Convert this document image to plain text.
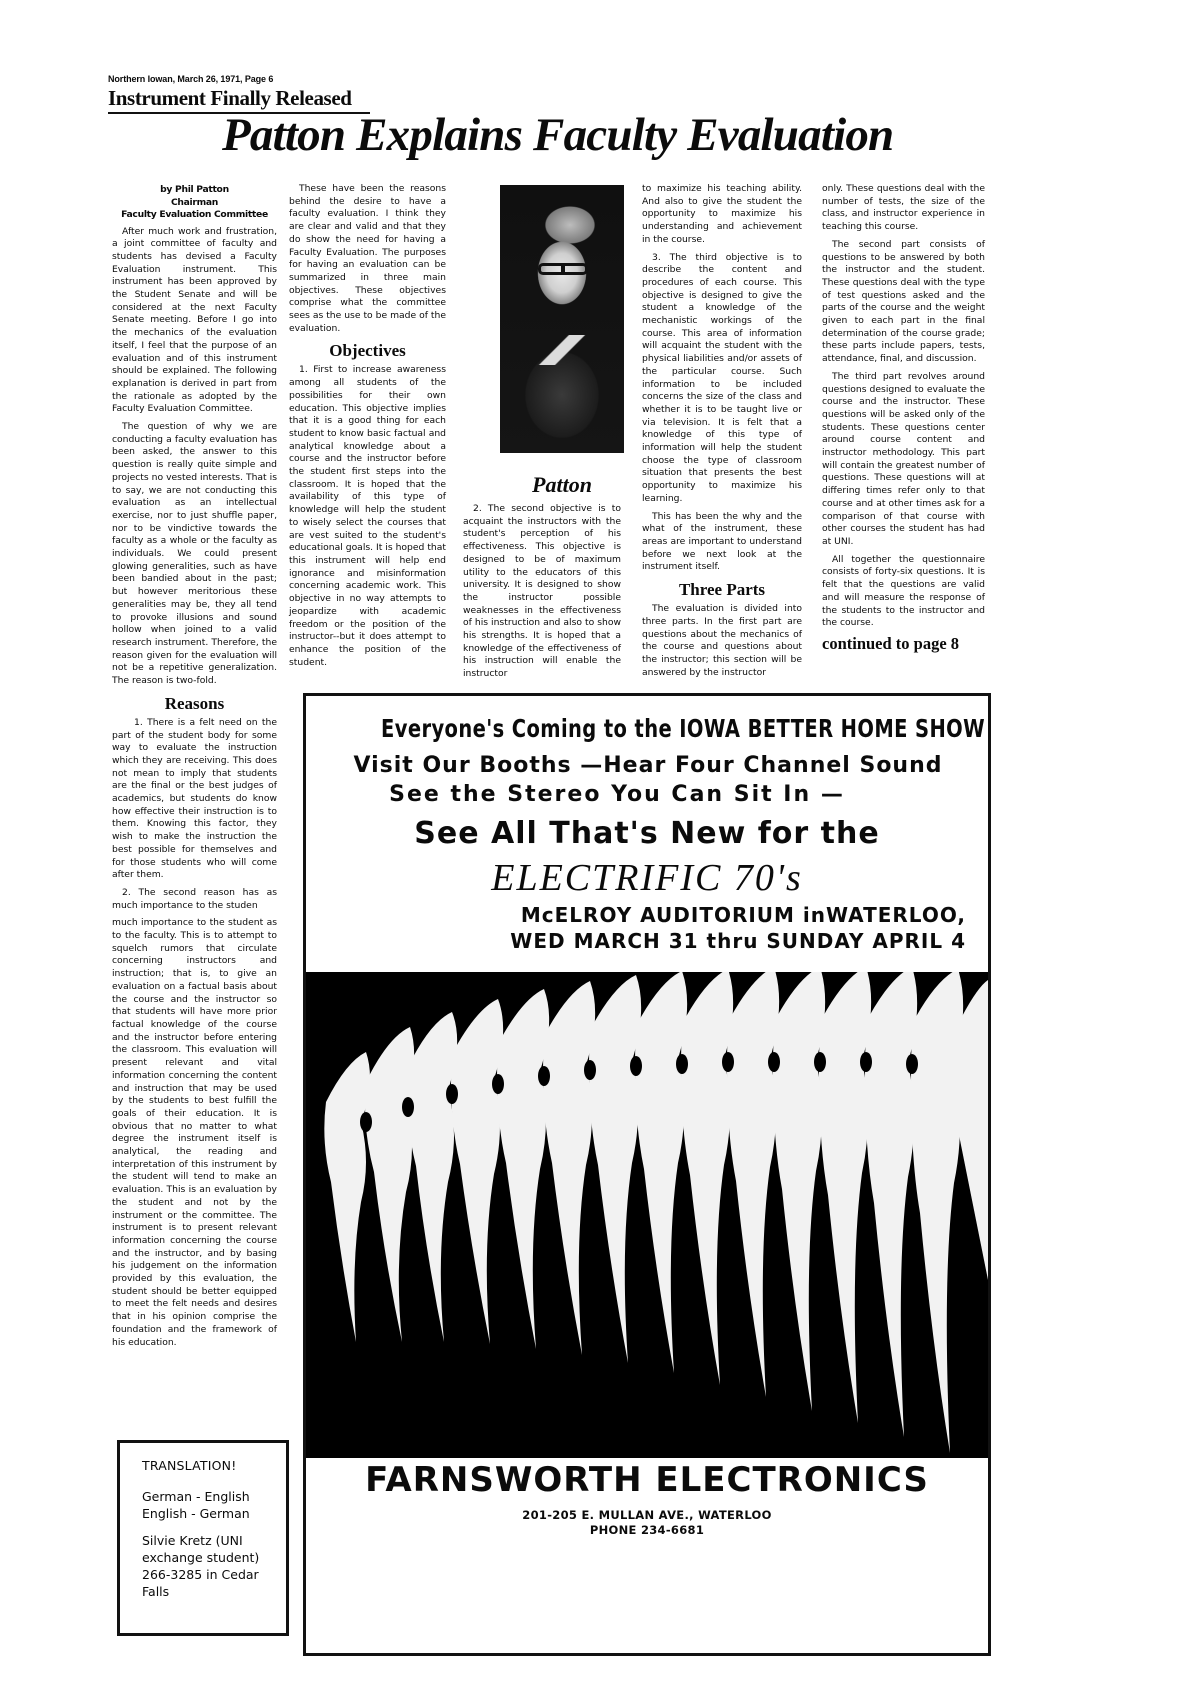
Northern Iowan, March 26, 1971, Page 6
Instrument Finally Released
Patton Explains Faculty Evaluation
by Phil Patton
Chairman
Faculty Evaluation Committee

After much work and frustration, a joint committee of faculty and students has devised a Faculty Evaluation instrument. This instrument has been approved by the Student Senate and will be considered at the next Faculty Senate meeting. Before I go into the mechanics of the evaluation itself, I feel that the purpose of an evaluation and of this instrument should be explained. The following explanation is derived in part from the rationale as adopted by the Faculty Evaluation Committee.

The question of why we are conducting a faculty evaluation has been asked, the answer to this question is really quite simple and projects no vested interests. That is to say, we are not conducting this evaluation as an intellectual exercise, nor to just shuffle paper, nor to be vindictive towards the faculty as a whole or the faculty as individuals. We could present glowing generalities, such as have been bandied about in the past; but however meritorious these generalities may be, they all tend to provoke illusions and sound hollow when joined to a valid research instrument. Therefore, the reason given for the evaluation will not be a repetitive generalization. The reason is two-fold.

Reasons

1. There is a felt need on the part of the student body for some way to evaluate the instruction which they are receiving. This does not mean to imply that students are the final or the best judges of academics, but students do know how effective their instruction is to them. Knowing this factor, they wish to make the instruction the best possible for themselves and for those students who will come after them.

2. The second reason has as much importance to the studen

much importance to the student as to the faculty. This is to attempt to squelch rumors that circulate concerning instructors and instruction; that is, to give an evaluation on a factual basis about the course and the instructor so that students will have more prior factual knowledge of the course and the instructor before entering the classroom. This evaluation will present relevant and vital information concerning the content and instruction that may be used by the students to best fulfill the goals of their education. It is obvious that no matter to what degree the instrument itself is analytical, the reading and interpretation of this instrument by the student will tend to make an evaluation. This is an evaluation by the student and not by the instrument or the committee. The instrument is to present relevant information concerning the course and the instructor, and by basing his judgement on the information provided by this evaluation, the student should be better equipped to meet the felt needs and desires that in his opinion comprise the foundation and the framework of his education.

These have been the reasons behind the desire to have a faculty evaluation. I think they are clear and valid and that they do show the need for having a Faculty Evaluation. The purposes for having an evaluation can be summarized in three main objectives. These objectives comprise what the committee sees as the use to be made of the evaluation.

Objectives

1. First to increase awareness among all students of the possibilities for their own education. This objective implies that it is a good thing for each student to know basic factual and analytical knowledge about a course and the instructor before the student first steps into the classroom. It is hoped that the availability of this type of knowledge will help the student to wisely select the courses that are vest suited to the student's educational goals. It is hoped that this instrument will help end ignorance and misinformation concerning academic work. This objective in no way attempts to jeopardize with academic freedom or the position of the instructor--but it does attempt to enhance the position of the student.

Patton

2. The second objective is to acquaint the instructors with the student's perception of his effectiveness. This objective is designed to be of maximum utility to the educators of this university. It is designed to show the instructor possible weaknesses in the effectiveness of his instruction and also to show his strengths. It is hoped that a knowledge of the effectiveness of his instruction will enable the instructor

to maximize his teaching ability. And also to give the student the opportunity to maximize his understanding and achievement in the course.

3. The third objective is to describe the content and procedures of each course. This objective is designed to give the student a knowledge of the mechanistic workings of the course. This area of information will acquaint the student with the physical liabilities and/or assets of the particular course. Such information to be included concerns the size of the class and whether it is to be taught live or via television. It is felt that a knowledge of this type of information will help the student choose the type of classroom situation that presents the best opportunity to maximize his learning.

This has been the why and the what of the instrument, these areas are important to understand before we next look at the instrument itself.

Three Parts

The evaluation is divided into three parts. In the first part are questions about the mechanics of the course and questions about the instructor; this section will be answered by the instructor

only. These questions deal with the number of tests, the size of the class, and instructor experience in teaching this course.

The second part consists of questions to be answered by both the instructor and the student. These questions deal with the type of test questions asked and the parts of the course and the weight given to each part in the final determination of the course grade; these parts include papers, tests, attendance, final, and discussion.

The third part revolves around questions designed to evaluate the course and the instructor. These questions will be asked only of the students. These questions center around course content and instructor methodology. This part will contain the greatest number of questions. These questions will at differing times refer only to that course and at other times ask for a comparison of that course with other courses the student has had at UNI.

All together the questionnaire consists of forty-six questions. It is felt that the questions are valid and will measure the response of the students to the instructor and the course.

continued to page 8
Everyone's Coming to the IOWA BETTER HOME SHOW
Visit Our Booths —Hear Four Channel Sound
See the Stereo You Can Sit In —
See All That's New for the
ELECTRIFIC 70's
McELROY AUDITORIUM inWATERLOO,
WED MARCH 31 thru SUNDAY APRIL 4
FARNSWORTH ELECTRONICS
201-205 E. MULLAN AVE., WATERLOO
PHONE 234-6681
TRANSLATION!
German - English
English - German
Silvie Kretz (UNI
exchange student)
266-3285 in Cedar
Falls
